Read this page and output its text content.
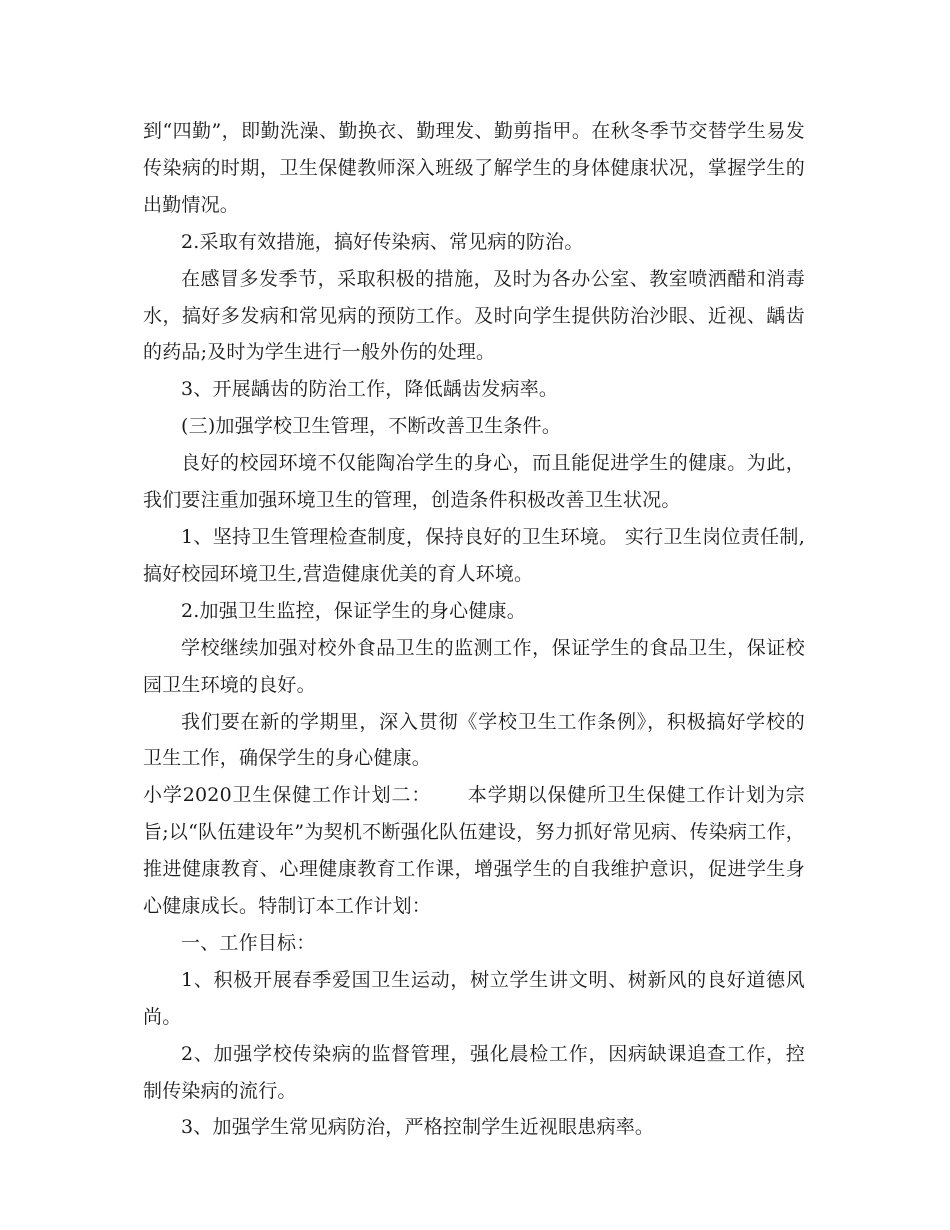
到“四勤”，即勤洗澡、勤换衣、勤理发、勤剪指甲。在秋冬季节交替学生易发传染病的时期，卫生保健教师深入班级了解学生的身体健康状况，掌握学生的出勤情况。

2.采取有效措施，搞好传染病、常见病的防治。

在感冒多发季节，采取积极的措施，及时为各办公室、教室喷洒醋和消毒水，搞好多发病和常见病的预防工作。及时向学生提供防治沙眼、近视、龋齿的药品;及时为学生进行一般外伤的处理。

3、开展龋齿的防治工作，降低龋齿发病率。

(三)加强学校卫生管理，不断改善卫生条件。

良好的校园环境不仅能陶冶学生的身心，而且能促进学生的健康。为此，我们要注重加强环境卫生的管理，创造条件积极改善卫生状况。

1、坚持卫生管理检查制度，保持良好的卫生环境。 实行卫生岗位责任制,搞好校园环境卫生,营造健康优美的育人环境。

2.加强卫生监控，保证学生的身心健康。

学校继续加强对校外食品卫生的监测工作，保证学生的食品卫生，保证校园卫生环境的良好。

我们要在新的学期里，深入贯彻《学校卫生工作条例》，积极搞好学校的卫生工作，确保学生的身心健康。

小学2020卫生保健工作计划二： 本学期以保健所卫生保健工作计划为宗旨;以“队伍建设年”为契机不断强化队伍建设，努力抓好常见病、传染病工作，推进健康教育、心理健康教育工作课，增强学生的自我维护意识，促进学生身心健康成长。特制订本工作计划：

一、工作目标：

1、积极开展春季爱国卫生运动，树立学生讲文明、树新风的良好道德风尚。

2、加强学校传染病的监督管理，强化晨检工作，因病缺课追查工作，控制传染病的流行。

3、加强学生常见病防治，严格控制学生近视眼患病率。
